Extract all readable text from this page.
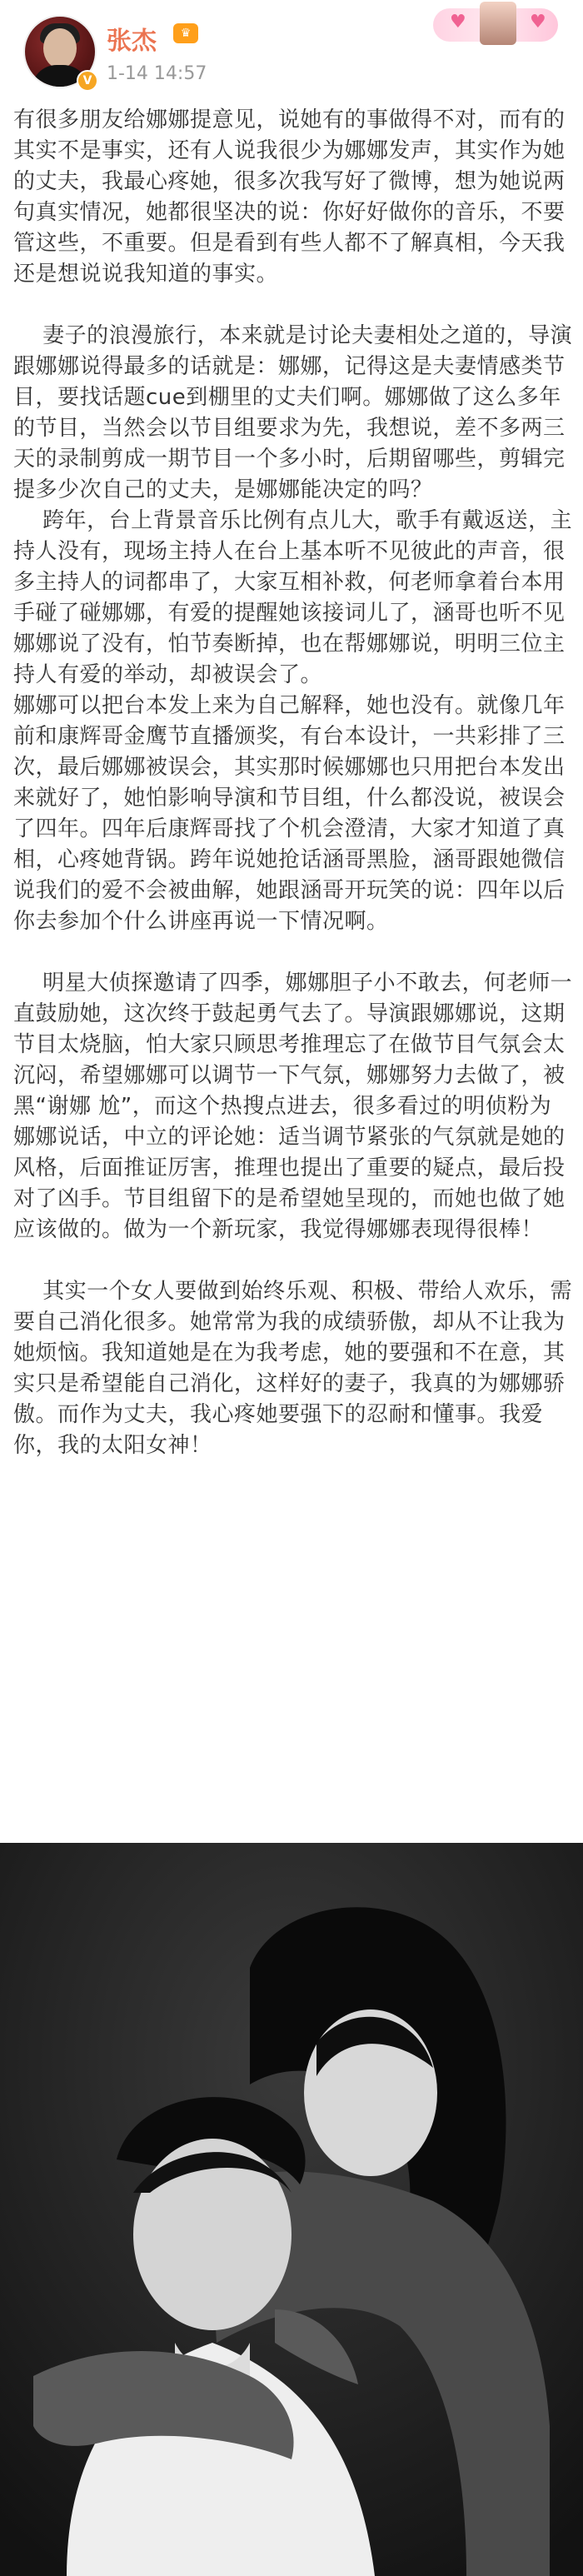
V
张杰	♛
1-14 14:57
♥	♥

有很多朋友给娜娜提意见，说她有的事做得不对，而有的其实不是事实，还有人说我很少为娜娜发声，其实作为她的丈夫，我最心疼她，很多次我写好了微博，想为她说两句真实情况，她都很坚决的说：你好好做你的音乐，不要管这些，不重要。但是看到有些人都不了解真相，今天我还是想说说我知道的事实。

妻子的浪漫旅行，本来就是讨论夫妻相处之道的，导演跟娜娜说得最多的话就是：娜娜，记得这是夫妻情感类节目，要找话题cue到棚里的丈夫们啊。娜娜做了这么多年的节目，当然会以节目组要求为先，我想说，差不多两三天的录制剪成一期节目一个多小时，后期留哪些，剪辑完提多少次自己的丈夫，是娜娜能决定的吗？

跨年，台上背景音乐比例有点儿大，歌手有戴返送，主持人没有，现场主持人在台上基本听不见彼此的声音，很多主持人的词都串了，大家互相补救，何老师拿着台本用手碰了碰娜娜，有爱的提醒她该接词儿了，涵哥也听不见娜娜说了没有，怕节奏断掉，也在帮娜娜说，明明三位主持人有爱的举动，却被误会了。

娜娜可以把台本发上来为自己解释，她也没有。就像几年前和康辉哥金鹰节直播颁奖，有台本设计，一共彩排了三次，最后娜娜被误会，其实那时候娜娜也只用把台本发出来就好了，她怕影响导演和节目组，什么都没说，被误会了四年。四年后康辉哥找了个机会澄清，大家才知道了真相，心疼她背锅。跨年说她抢话涵哥黑脸，涵哥跟她微信说我们的爱不会被曲解，她跟涵哥开玩笑的说：四年以后你去参加个什么讲座再说一下情况啊。

明星大侦探邀请了四季，娜娜胆子小不敢去，何老师一直鼓励她，这次终于鼓起勇气去了。导演跟娜娜说，这期节目太烧脑，怕大家只顾思考推理忘了在做节目气氛会太沉闷，希望娜娜可以调节一下气氛，娜娜努力去做了，被黑“谢娜 尬”，而这个热搜点进去，很多看过的明侦粉为娜娜说话，中立的评论她：适当调节紧张的气氛就是她的风格，后面推证厉害，推理也提出了重要的疑点，最后投对了凶手。节目组留下的是希望她呈现的，而她也做了她应该做的。做为一个新玩家，我觉得娜娜表现得很棒！

其实一个女人要做到始终乐观、积极、带给人欢乐，需要自己消化很多。她常常为我的成绩骄傲，却从不让我为她烦恼。我知道她是在为我考虑，她的要强和不在意，其实只是希望能自己消化，这样好的妻子，我真的为娜娜骄傲。而作为丈夫，我心疼她要强下的忍耐和懂事。我爱你，我的太阳女神！
